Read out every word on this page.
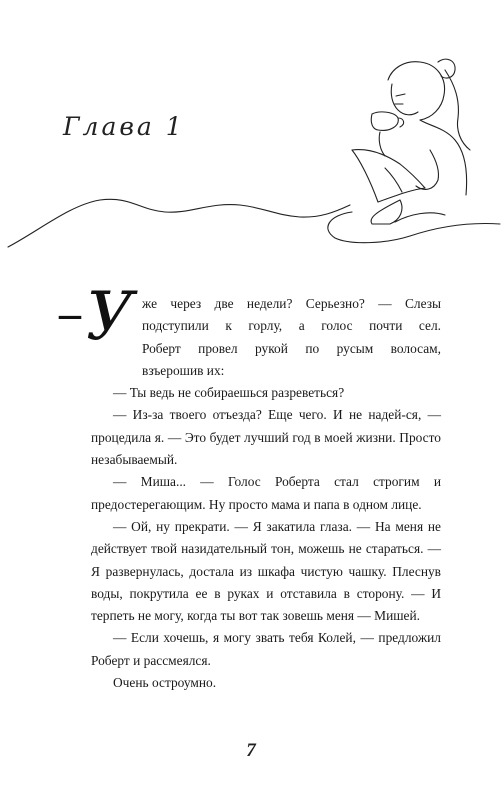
Глава 1
– У же через две недели? Серьезно? — Слезы
подступили к горлу, а голос почти сел.
Роберт провел рукой по русым волосам,
взъерошив их:

— Ты ведь не собираешься разреветься?

— Из-за твоего отъезда? Еще чего. И не надей-ся, — процедила я. — Это будет лучший год в моей жизни. Просто незабываемый.

— Миша... — Голос Роберта стал строгим и предостерегающим. Ну просто мама и папа в одном лице.

— Ой, ну прекрати. — Я закатила глаза. — На меня не действует твой назидательный тон, можешь не стараться. — Я развернулась, достала из шкафа чистую чашку. Плеснув воды, покрутила ее в руках и отставила в сторону. — И терпеть не могу, когда ты вот так зовешь меня — Мишей.

— Если хочешь, я могу звать тебя Колей, — предложил Роберт и рассмеялся.

Очень остроумно.

7
